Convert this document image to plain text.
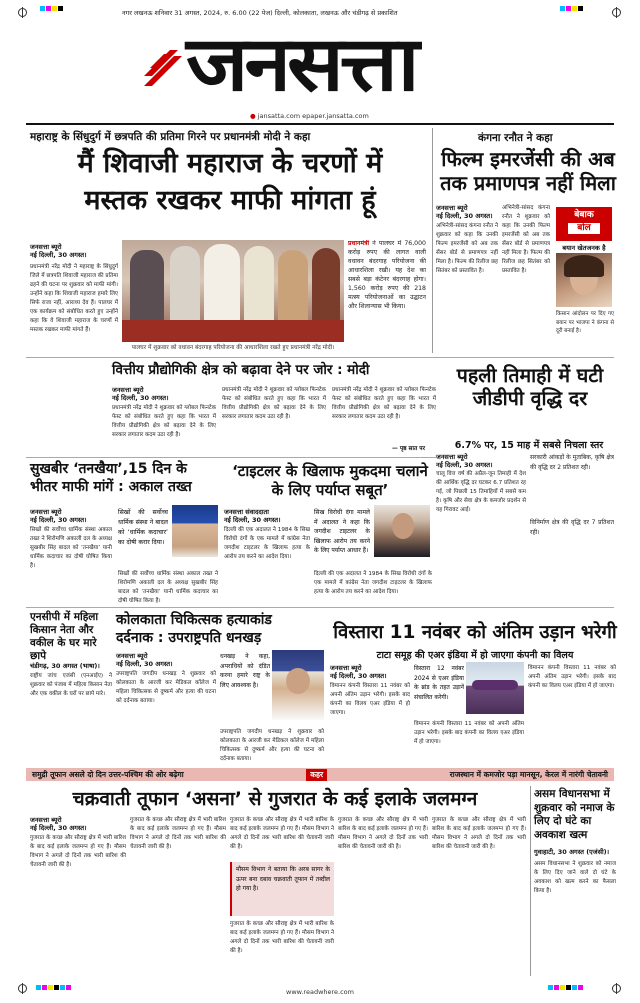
नगर लखनऊ शनिवार 31 अगस्त, 2024, रु. 6.00 (22 पेज) दिल्ली, कोलकाता, लखनऊ और चंडीगढ़ से प्रकाशित
जनसत्ता
● jansatta.com epaper.jansatta.com
महाराष्ट्र के सिंधुदुर्ग में छत्रपति की प्रतिमा गिरने पर प्रधानमंत्री मोदी ने कहा
मैं शिवाजी महाराज के चरणों में
मस्तक रखकर माफी मांगता हूं
जनसत्ता ब्यूरो
नई दिल्ली, 30 अगस्त।
प्रधानमंत्री नरेंद्र मोदी ने महाराष्ट्र के सिंधुदुर्ग जिले में छत्रपति शिवाजी महाराज की प्रतिमा ढहने की घटना पर शुक्रवार को माफी मांगी। उन्होंने कहा कि शिवाजी महाराज हमारे लिए सिर्फ राजा नहीं, आराध्य देव हैं। पालघर में एक कार्यक्रम को संबोधित करते हुए उन्होंने कहा कि वे शिवाजी महाराज के चरणों में मस्तक रखकर माफी मांगते हैं।
पालघर में शुक्रवार को वधावन बंदरगाह परियोजना की आधारशिला रखते हुए प्रधानमंत्री नरेंद्र मोदी।
प्रधानमंत्री ने पालघर में 76,000 करोड़ रुपए की लागत वाली वधावन बंदरगाह परियोजना की आधारशिला रखी। यह देश का सबसे बड़ा कंटेनर बंदरगाह होगा। 1,560 करोड़ रुपए की 218 मत्स्य परियोजनाओं का उद्घाटन और शिलान्यास भी किया।
कंगना रनौत ने कहा
फिल्म इमरजेंसी की अब तक प्रमाणपत्र नहीं मिला
जनसत्ता ब्यूरो
नई दिल्ली, 30 अगस्त।
अभिनेत्री-सांसद कंगना रनौत ने शुक्रवार को कहा कि उनकी फिल्म इमरजेंसी को अब तक सेंसर बोर्ड से प्रमाणपत्र नहीं मिला है। फिल्म की रिलीज छह सितंबर को प्रस्तावित है।
अभिनेत्री-सांसद कंगना रनौत ने शुक्रवार को कहा कि उनकी फिल्म इमरजेंसी को अब तक सेंसर बोर्ड से प्रमाणपत्र नहीं मिला है। फिल्म की रिलीज छह सितंबर को प्रस्तावित है।
बेबाक
बोल
बयान खेतजनक है
किसान आंदोलन पर दिए गए बयान पर भाजपा ने कंगना से दूरी बनाई है।
वित्तीय प्रौद्योगिकी क्षेत्र को बढ़ावा देने पर जोर : मोदी
जनसत्ता ब्यूरो
नई दिल्ली, 30 अगस्त।
प्रधानमंत्री नरेंद्र मोदी ने शुक्रवार को ग्लोबल फिनटेक फेस्ट को संबोधित करते हुए कहा कि भारत में वित्तीय प्रौद्योगिकी क्षेत्र को बढ़ावा देने के लिए सरकार लगातार कदम उठा रही है।
प्रधानमंत्री नरेंद्र मोदी ने शुक्रवार को ग्लोबल फिनटेक फेस्ट को संबोधित करते हुए कहा कि भारत में वित्तीय प्रौद्योगिकी क्षेत्र को बढ़ावा देने के लिए सरकार लगातार कदम उठा रही है।
प्रधानमंत्री नरेंद्र मोदी ने शुक्रवार को ग्लोबल फिनटेक फेस्ट को संबोधित करते हुए कहा कि भारत में वित्तीय प्रौद्योगिकी क्षेत्र को बढ़ावा देने के लिए सरकार लगातार कदम उठा रही है।
— पृष्ठ सात पर
पहली तिमाही में घटी जीडीपी वृद्धि दर
6.7% पर, 15 माह में सबसे निचला स्तर
जनसत्ता ब्यूरो
नई दिल्ली, 30 अगस्त।
चालू वित्त वर्ष की अप्रैल-जून तिमाही में देश की आर्थिक वृद्धि दर घटकर 6.7 प्रतिशत रह गई, जो पिछली 15 तिमाहियों में सबसे कम है। कृषि और सेवा क्षेत्र के कमजोर प्रदर्शन से यह गिरावट आई।
सरकारी आंकड़ों के मुताबिक, कृषि क्षेत्र की वृद्धि दर 2 प्रतिशत रही।
विनिर्माण क्षेत्र की वृद्धि दर 7 प्रतिशत रही।
सुखबीर ‘तनखैया’,15 दिन के भीतर माफी मांगें : अकाल तख्त
जनसत्ता ब्यूरो
नई दिल्ली, 30 अगस्त।
सिखों की सर्वोच्च धार्मिक संस्था अकाल तख्त ने शिरोमणि अकाली दल के अध्यक्ष सुखबीर सिंह बादल को ‘तनखैया’ यानी धार्मिक कदाचार का दोषी घोषित किया है।
सिखों की सर्वोच्च धार्मिक संस्था ने बादल को ‘धार्मिक कदाचार’ का दोषी करार दिया।
सिखों की सर्वोच्च धार्मिक संस्था अकाल तख्त ने शिरोमणि अकाली दल के अध्यक्ष सुखबीर सिंह बादल को ‘तनखैया’ यानी धार्मिक कदाचार का दोषी घोषित किया है।
‘टाइटलर के खिलाफ मुकदमा चलाने के लिए पर्याप्त सबूत’
जनसत्ता संवाददाता
नई दिल्ली, 30 अगस्त।
दिल्ली की एक अदालत ने 1984 के सिख विरोधी दंगों के एक मामले में कांग्रेस नेता जगदीश टाइटलर के खिलाफ हत्या के आरोप तय करने का आदेश दिया।
सिख विरोधी दंगा मामले में अदालत ने कहा कि जगदीश टाइटलर के खिलाफ आरोप तय करने के लिए पर्याप्त आधार हैं।
दिल्ली की एक अदालत ने 1984 के सिख विरोधी दंगों के एक मामले में कांग्रेस नेता जगदीश टाइटलर के खिलाफ हत्या के आरोप तय करने का आदेश दिया।
एनसीपी में महिला किसान नेता और वकील के घर मारे छापे
चंडीगढ़, 30 अगस्त (भाषा)।
राष्ट्रीय जांच एजंसी (एनआईए) ने शुक्रवार को पंजाब में महिला किसान नेता और एक वकील के घरों पर छापे मारे।
कोलकाता चिकित्सक हत्याकांड
दर्दनाक : उपराष्ट्रपति धनखड़
जनसत्ता ब्यूरो
नई दिल्ली, 30 अगस्त।
उपराष्ट्रपति जगदीप धनखड़ ने शुक्रवार को कोलकाता के आरजी कर मेडिकल कॉलेज में महिला चिकित्सक से दुष्कर्म और हत्या की घटना को दर्दनाक बताया।
धनखड़ ने कहा, अपराधियों को दंडित करना हमारे राष्ट्र के लिए आवश्यक है।
उपराष्ट्रपति जगदीप धनखड़ ने शुक्रवार को कोलकाता के आरजी कर मेडिकल कॉलेज में महिला चिकित्सक से दुष्कर्म और हत्या की घटना को दर्दनाक बताया।
विस्तारा 11 नवंबर को अंतिम उड़ान भरेगी
टाटा समूह की एअर इंडिया में हो जाएगा कंपनी का विलय
जनसत्ता ब्यूरो
नई दिल्ली, 30 अगस्त।
विमानन कंपनी विस्तारा 11 नवंबर को अपनी अंतिम उड़ान भरेगी। इसके बाद कंपनी का विलय एअर इंडिया में हो जाएगा।
विस्तारा 12 नवंबर 2024 से एअर इंडिया के ब्रांड के तहत उड़ानें संचालित करेगी।
विमानन कंपनी विस्तारा 11 नवंबर को अपनी अंतिम उड़ान भरेगी। इसके बाद कंपनी का विलय एअर इंडिया में हो जाएगा।
विमानन कंपनी विस्तारा 11 नवंबर को अपनी अंतिम उड़ान भरेगी। इसके बाद कंपनी का विलय एअर इंडिया में हो जाएगा।
समुद्री तूफान असले दो दिन उत्तर-पश्चिम की ओर बढ़ेगा	कहर	राजस्थान में कमजोर पड़ा मानसून, केरल में नारंगी चेतावनी
चक्रवाती तूफान ‘असना’ से गुजरात के कई इलाके जलमग्न
जनसत्ता ब्यूरो
नई दिल्ली, 30 अगस्त।
गुजरात के कच्छ और सौराष्ट्र क्षेत्र में भारी बारिश के बाद कई इलाके जलमग्न हो गए हैं। मौसम विभाग ने अगले दो दिनों तक भारी बारिश की चेतावनी जारी की है।
गुजरात के कच्छ और सौराष्ट्र क्षेत्र में भारी बारिश के बाद कई इलाके जलमग्न हो गए हैं। मौसम विभाग ने अगले दो दिनों तक भारी बारिश की चेतावनी जारी की है।
गुजरात के कच्छ और सौराष्ट्र क्षेत्र में भारी बारिश के बाद कई इलाके जलमग्न हो गए हैं। मौसम विभाग ने अगले दो दिनों तक भारी बारिश की चेतावनी जारी की है।
मौसम विभाग ने बताया कि अरब सागर के ऊपर बना दबाव चक्रवाती तूफान में तब्दील हो गया है।
गुजरात के कच्छ और सौराष्ट्र क्षेत्र में भारी बारिश के बाद कई इलाके जलमग्न हो गए हैं। मौसम विभाग ने अगले दो दिनों तक भारी बारिश की चेतावनी जारी की है।
गुजरात के कच्छ और सौराष्ट्र क्षेत्र में भारी बारिश के बाद कई इलाके जलमग्न हो गए हैं। मौसम विभाग ने अगले दो दिनों तक भारी बारिश की चेतावनी जारी की है।
गुजरात के कच्छ और सौराष्ट्र क्षेत्र में भारी बारिश के बाद कई इलाके जलमग्न हो गए हैं। मौसम विभाग ने अगले दो दिनों तक भारी बारिश की चेतावनी जारी की है।
असम विधानसभा में शुक्रवार को नमाज के लिए दो घंटे का अवकाश खत्म
गुवाहाटी, 30 अगस्त (एजंसी)।
असम विधानसभा ने शुक्रवार को नमाज के लिए दिए जाने वाले दो घंटे के अवकाश को खत्म करने का फैसला किया है।
www.readwhere.com
